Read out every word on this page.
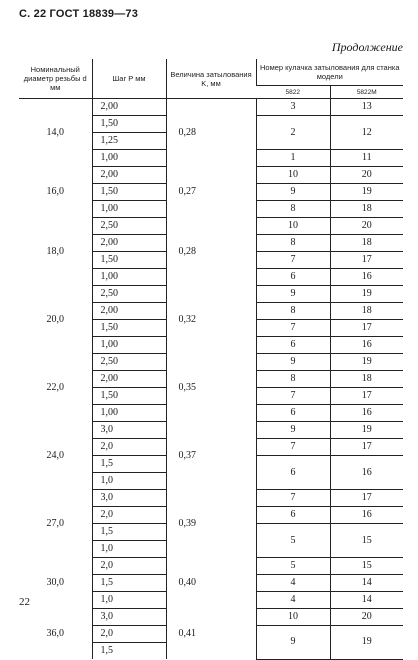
С. 22 ГОСТ 18839—73
Продолжение
Номинальный диаметр резьбы d мм	Шаг P мм	Величина затылования K, мм	Номер кулачка затылования для станка модели	
			5822	5822М
14,0	2,00	0,28	3	13
	1,50		2	12
	1,25			
	1,00		1	11
16,0	2,00	0,27	10	20
	1,50		9	19
	1,00		8	18
18,0	2,50	0,28	10	20
	2,00		8	18
	1,50		7	17
	1,00		6	16
20,0	2,50	0,32	9	19
	2,00		8	18
	1,50		7	17
	1,00		6	16
22,0	2,50	0,35	9	19
	2,00		8	18
	1,50		7	17
	1,00		6	16
24,0	3,0	0,37	9	19
	2,0		7	17
	1,5		6	16
	1,0			
27,0	3,0	0,39	7	17
	2,0		6	16
	1,5		5	15
	1,0			
30,0	2,0	0,40	5	15
	1,5		4	14
	1,0		4	14
36,0	3,0	0,41	10	20
	2,0		9	19
	1,5			
22
